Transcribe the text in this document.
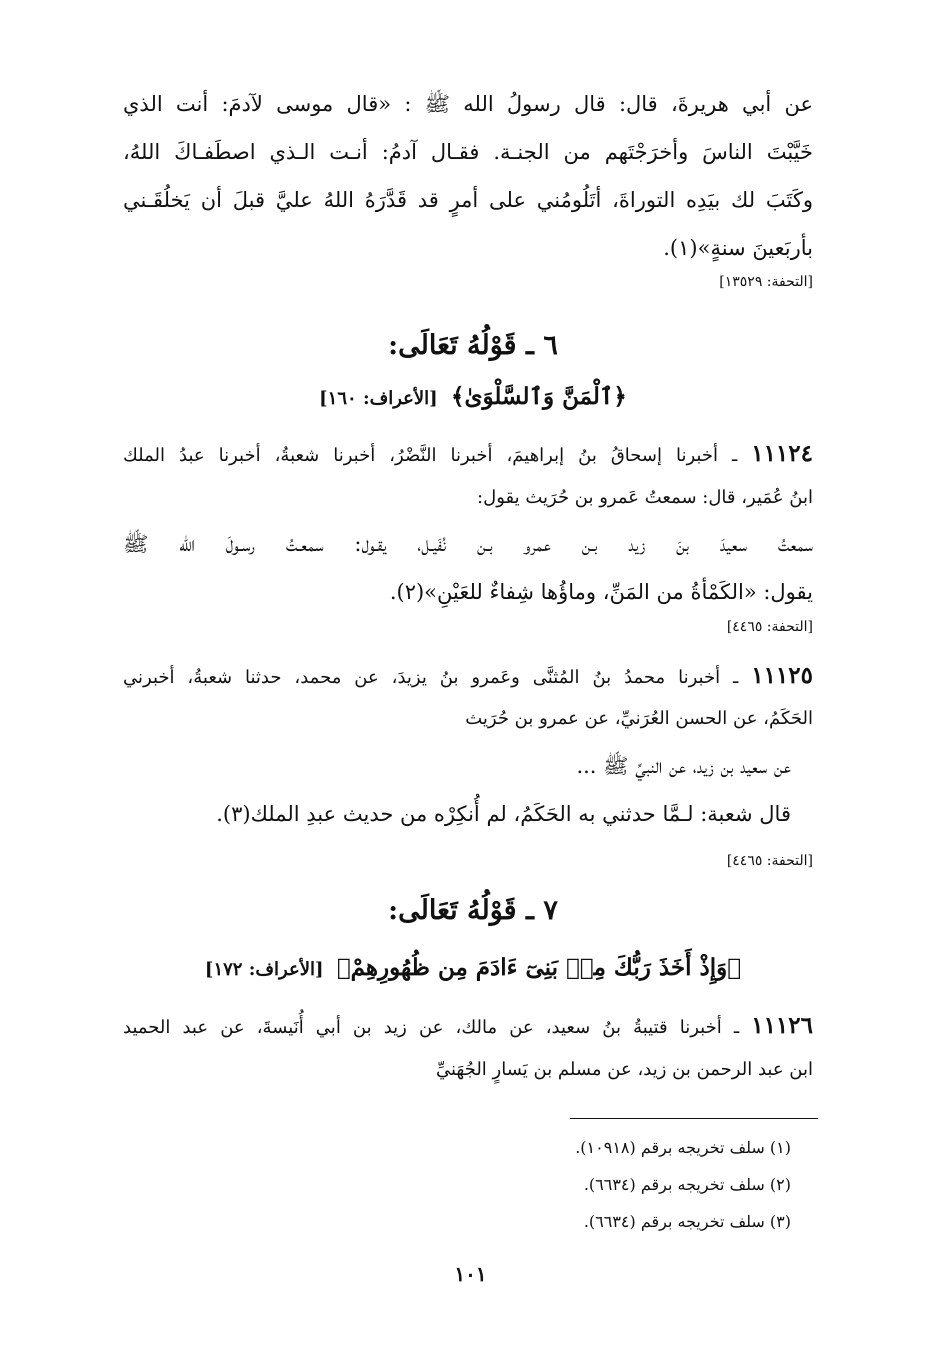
عن أبي هريرةَ، قال: قال رسولُ الله ﷺ : «قال موسى لآدمَ: أنت الذي
خَيَّبْتَ الناسَ وأخرَجْتَهم من الجنـة. فقـال آدمُ: أنـت الـذي اصطَفـاكَ اللهُ،
وكَتَبَ لك بيَدِه التوراةَ، أتَلُومُني على أمرٍ قد قَدَّرَهُ اللهُ عليَّ قبلَ أن يَخلُقَـني
بأربَعينَ سنةٍ»(١).
[التحفة: ١٣٥٢٩]
٦ ـ قَوْلُهُ تَعَالَى:
﴿ٱلْمَنَّ وَٱلسَّلْوَىٰ﴾ [الأعراف: ١٦٠]
١١١٢٤ ـ أخبرنا إسحاقُ بنُ إبراهيمَ، أخبرنا النَّضْرُ، أخبرنا شعبةُ، أخبرنا عبدُ الملك
ابنُ عُمَير، قال: سمعتُ عَمرو بن حُرَيث يقول:
سمعتُ سعيدَ بنَ زيد بـن عمرو بـن نُفَيـل، يقـول: سمعـتُ رسـولَ الله ﷺ
يقول: «الكَمْأةُ من المَنِّ، وماؤُها شِفاءٌ للعَيْنِ»(٢).
[التحفة: ٤٤٦٥]
١١١٢٥ ـ أخبرنا محمدُ بنُ المُثنَّى وعَمرو بنُ يزيدَ، عن محمد، حدثنا شعبةُ، أخبرني
الحَكَمُ، عن الحسن العُرَنيِّ، عن عمرو بن حُرَيث
عن سعيد بن زيد، عن النبيِّ ﷺ ...
قال شعبة: لـمَّا حدثني به الحَكَمُ، لم أُنكِرْه من حديث عبدِ الملك(٣).
[التحفة: ٤٤٦٥]
٧ ـ قَوْلُهُ تَعَالَى:
﴿وَإِذْ أَخَذَ رَبُّكَ مِنۢ بَنِىٓ ءَادَمَ مِن ظُهُورِهِمْ﴾ [الأعراف: ١٧٢]
١١١٢٦ ـ أخبرنا قتيبةُ بنُ سعيد، عن مالك، عن زيد بن أبي أُنَيسةَ، عن عبد الحميد
ابن عبد الرحمن بن زيد، عن مسلم بن يَسارٍ الجُهَنيِّ
(١) سلف تخريجه برقم (١٠٩١٨).
(٢) سلف تخريجه برقم (٦٦٣٤).
(٣) سلف تخريجه برقم (٦٦٣٤).
١٠١
